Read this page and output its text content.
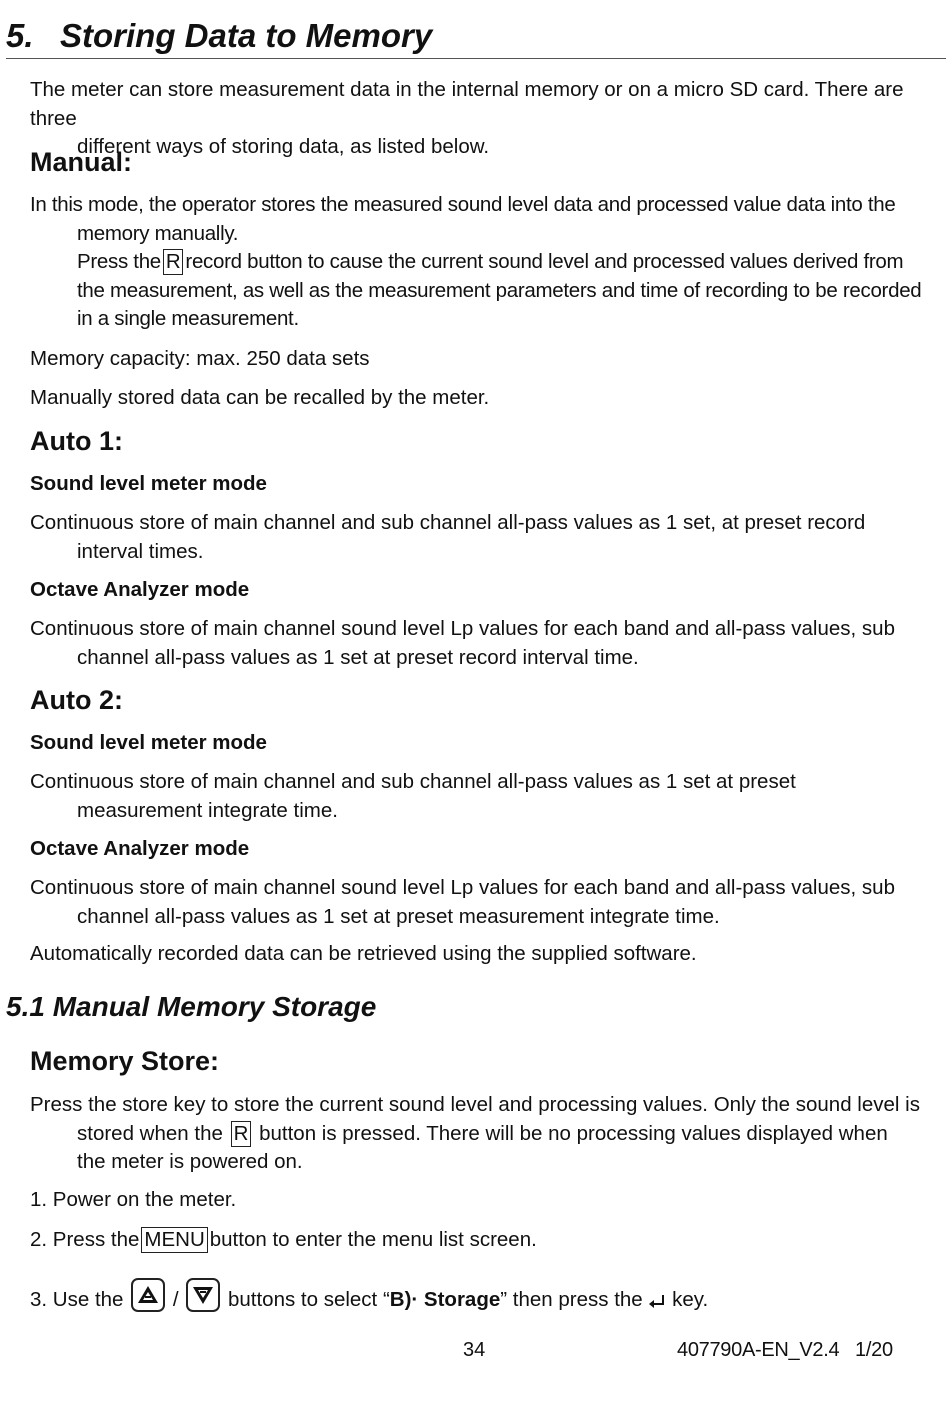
5. Storing Data to Memory
The meter can store measurement data in the internal memory or on a micro SD card. There are three
different ways of storing data, as listed below.
Manual:
In this mode, the operator stores the measured sound level data and processed value data into the
memory manually.
Press the R record button to cause the current sound level and processed values derived from
the measurement, as well as the measurement parameters and time of recording to be recorded
in a single measurement.
Memory capacity: max. 250 data sets
Manually stored data can be recalled by the meter.
Auto 1:
Sound level meter mode
Continuous store of main channel and sub channel all-pass values as 1 set, at preset record
interval times.
Octave Analyzer mode
Continuous store of main channel sound level Lp values for each band and all-pass values, sub
channel all-pass values as 1 set at preset record interval time.
Auto 2:
Sound level meter mode
Continuous store of main channel and sub channel all-pass values as 1 set at preset
measurement integrate time.
Octave Analyzer mode
Continuous store of main channel sound level Lp values for each band and all-pass values, sub
channel all-pass values as 1 set at preset measurement integrate time.
Automatically recorded data can be retrieved using the supplied software.
5.1 Manual Memory Storage
Memory Store:
Press the store key to store the current sound level and processing values. Only the sound level is
stored when the R button is pressed. There will be no processing values displayed when
the meter is powered on.
1. Power on the meter.
2. Press the MENU button to enter the menu list screen.
3. Use the / buttons to select “B)· Storage” then press the key.
34	407790A-EN_V2.4   1/20
